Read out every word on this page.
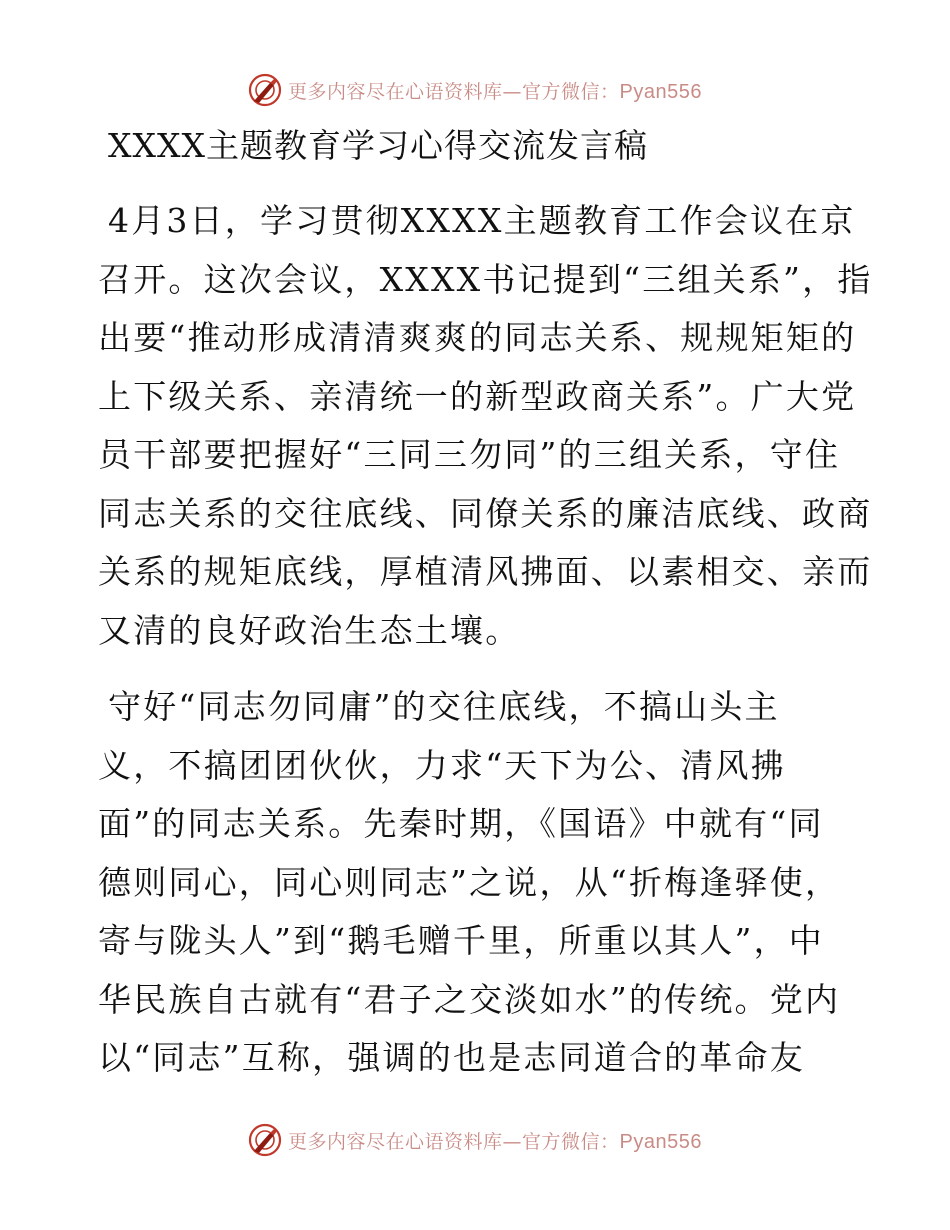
更多内容尽在心语资料库—官方微信：Pyan556
XXXX主题教育学习心得交流发言稿

4月3日，学习贯彻XXXX主题教育工作会议在京
召开。这次会议，XXXX书记提到“三组关系”，指
出要“推动形成清清爽爽的同志关系、规规矩矩的
上下级关系、亲清统一的新型政商关系”。广大党
员干部要把握好“三同三勿同”的三组关系，守住
同志关系的交往底线、同僚关系的廉洁底线、政商
关系的规矩底线，厚植清风拂面、以素相交、亲而
又清的良好政治生态土壤。

守好“同志勿同庸”的交往底线，不搞山头主
义，不搞团团伙伙，力求“天下为公、清风拂
面”的同志关系。先秦时期，《国语》中就有“同
德则同心，同心则同志”之说，从“折梅逢驿使，
寄与陇头人”到“鹅毛赠千里，所重以其人”，中
华民族自古就有“君子之交淡如水”的传统。党内
以“同志”互称，强调的也是志同道合的革命友

更多内容尽在心语资料库—官方微信：Pyan556
